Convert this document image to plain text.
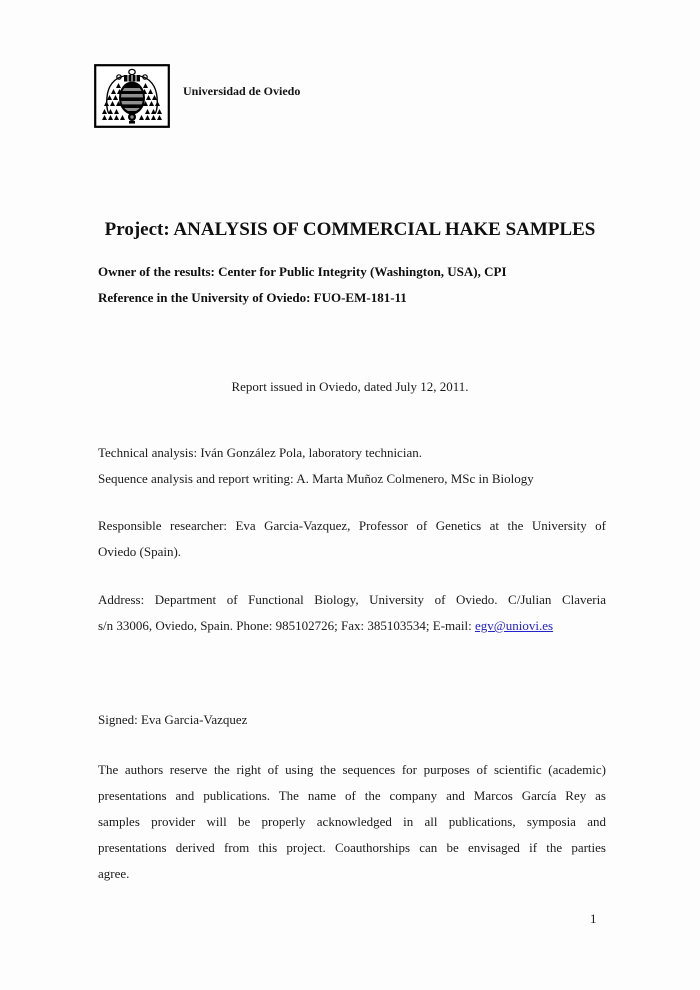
Universidad de Oviedo
Project: ANALYSIS OF COMMERCIAL HAKE SAMPLES
Owner of the results: Center for Public Integrity (Washington, USA), CPI
Reference in the University of Oviedo: FUO-EM-181-11
Report issued in Oviedo, dated July 12, 2011.
Technical analysis: Iván González Pola, laboratory technician.
Sequence analysis and report writing: A. Marta Muñoz Colmenero, MSc in Biology
Responsible researcher: Eva Garcia-Vazquez, Professor of Genetics at the University of
Oviedo (Spain).
Address: Department of Functional Biology, University of Oviedo. C/Julian Claveria
s/n 33006, Oviedo, Spain. Phone: 985102726; Fax: 385103534; E-mail: egv@uniovi.es
Signed: Eva Garcia-Vazquez
The authors reserve the right of using the sequences for purposes of scientific (academic)
presentations and publications. The name of the company and Marcos García Rey as
samples provider will be properly acknowledged in all publications, symposia and
presentations derived from this project. Coauthorships can be envisaged if the parties
agree.
1
